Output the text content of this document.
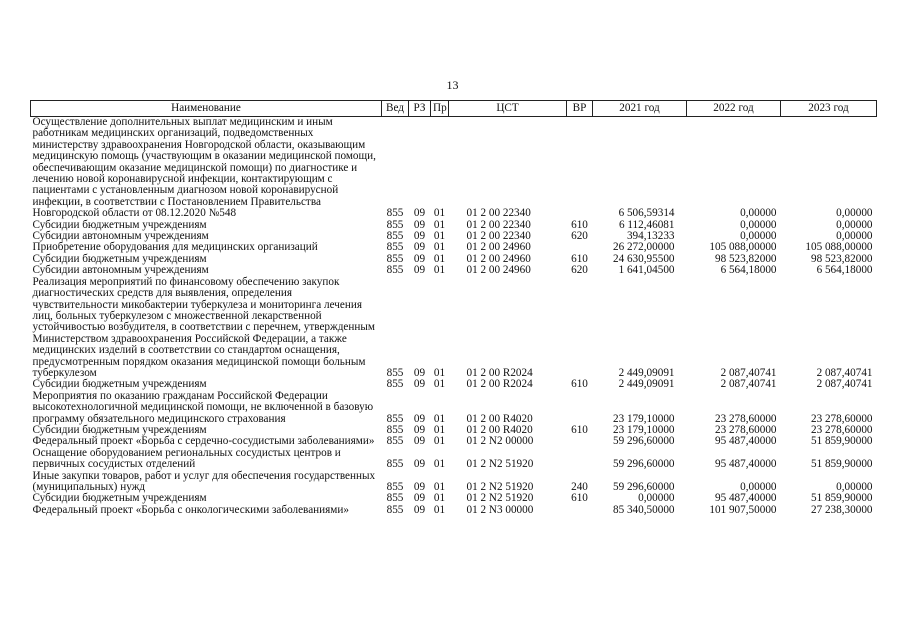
13
Наименование	Вед	РЗ	Пр	ЦСТ	ВР	2021 год	2022 год	2023 год
Осуществление дополнительных выплат медицинским и иным работникам медицинских организаций, подведомственных министерству здравоохранения Новгородской области, оказывающим медицинскую помощь (участвующим в оказании медицинской помощи, обеспечивающим оказание медицинской помощи) по диагностике и лечению новой коронавирусной инфекции, контактирующим с пациентами с установленным диагнозом новой коронавирусной инфекции, в соответствии с Постановлением Правительства Новгородской области от 08.12.2020 №548	855	09	01	01 2 00 22340		6 506,59314	0,00000	0,00000
Субсидии бюджетным учреждениям	855	09	01	01 2 00 22340	610	6 112,46081	0,00000	0,00000
Субсидии автономным учреждениям	855	09	01	01 2 00 22340	620	394,13233	0,00000	0,00000
Приобретение оборудования для медицинских организаций	855	09	01	01 2 00 24960		26 272,00000	105 088,00000	105 088,00000
Субсидии бюджетным учреждениям	855	09	01	01 2 00 24960	610	24 630,95500	98 523,82000	98 523,82000
Субсидии автономным учреждениям	855	09	01	01 2 00 24960	620	1 641,04500	6 564,18000	6 564,18000
Реализация мероприятий по финансовому обеспечению закупок диагностических средств для выявления, определения чувствительности микобактерии туберкулеза и мониторинга лечения лиц, больных туберкулезом с множественной лекарственной устойчивостью возбудителя, в соответствии с перечнем, утвержденным Министерством здравоохранения Российской Федерации, а также медицинских изделий в соответствии со стандартом оснащения, предусмотренным порядком оказания медицинской помощи больным туберкулезом	855	09	01	01 2 00 R2024		2 449,09091	2 087,40741	2 087,40741
Субсидии бюджетным учреждениям	855	09	01	01 2 00 R2024	610	2 449,09091	2 087,40741	2 087,40741
Мероприятия по оказанию гражданам Российской Федерации высокотехнологичной медицинской помощи, не включенной в базовую программу обязательного медицинского страхования	855	09	01	01 2 00 R4020		23 179,10000	23 278,60000	23 278,60000
Субсидии бюджетным учреждениям	855	09	01	01 2 00 R4020	610	23 179,10000	23 278,60000	23 278,60000
Федеральный проект «Борьба с сердечно-сосудистыми заболеваниями»	855	09	01	01 2 N2 00000		59 296,60000	95 487,40000	51 859,90000
Оснащение оборудованием региональных сосудистых центров и первичных сосудистых отделений	855	09	01	01 2 N2 51920		59 296,60000	95 487,40000	51 859,90000
Иные закупки товаров, работ и услуг для обеспечения государственных (муниципальных) нужд	855	09	01	01 2 N2 51920	240	59 296,60000	0,00000	0,00000
Субсидии бюджетным учреждениям	855	09	01	01 2 N2 51920	610	0,00000	95 487,40000	51 859,90000
Федеральный проект «Борьба с онкологическими заболеваниями»	855	09	01	01 2 N3 00000		85 340,50000	101 907,50000	27 238,30000
